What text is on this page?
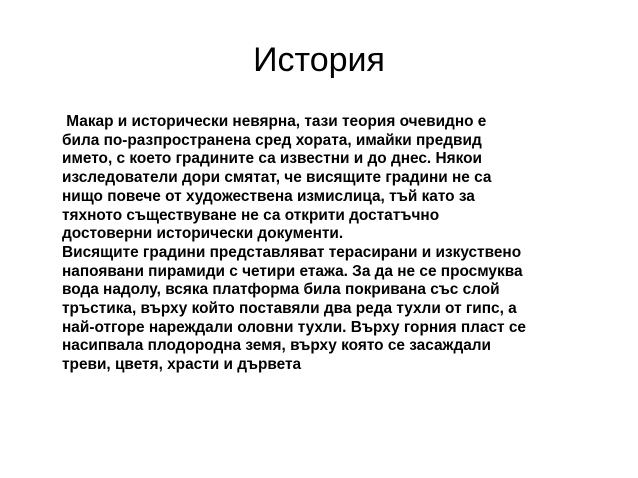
История

Макар и исторически невярна, тази теория очевидно е
била по-разпространена сред хората, имайки предвид
името, с което градините са известни и до днес. Някои
изследователи дори смятат, че висящите градини не са
нищо повече от художествена измислица, тъй като за
тяхното съществуване не са открити достатъчно
достоверни исторически документи.

Висящите градини представляват терасирани и изкуствено
напоявани пирамиди с четири етажа. За да не се просмуква
вода надолу, всяка платформа била покривана със слой
тръстика, върху който поставяли два реда тухли от гипс, а
най-отгоре нареждали оловни тухли. Върху горния пласт се
насипвала плодородна земя, върху която се засаждали
треви, цветя, храсти и дървета
